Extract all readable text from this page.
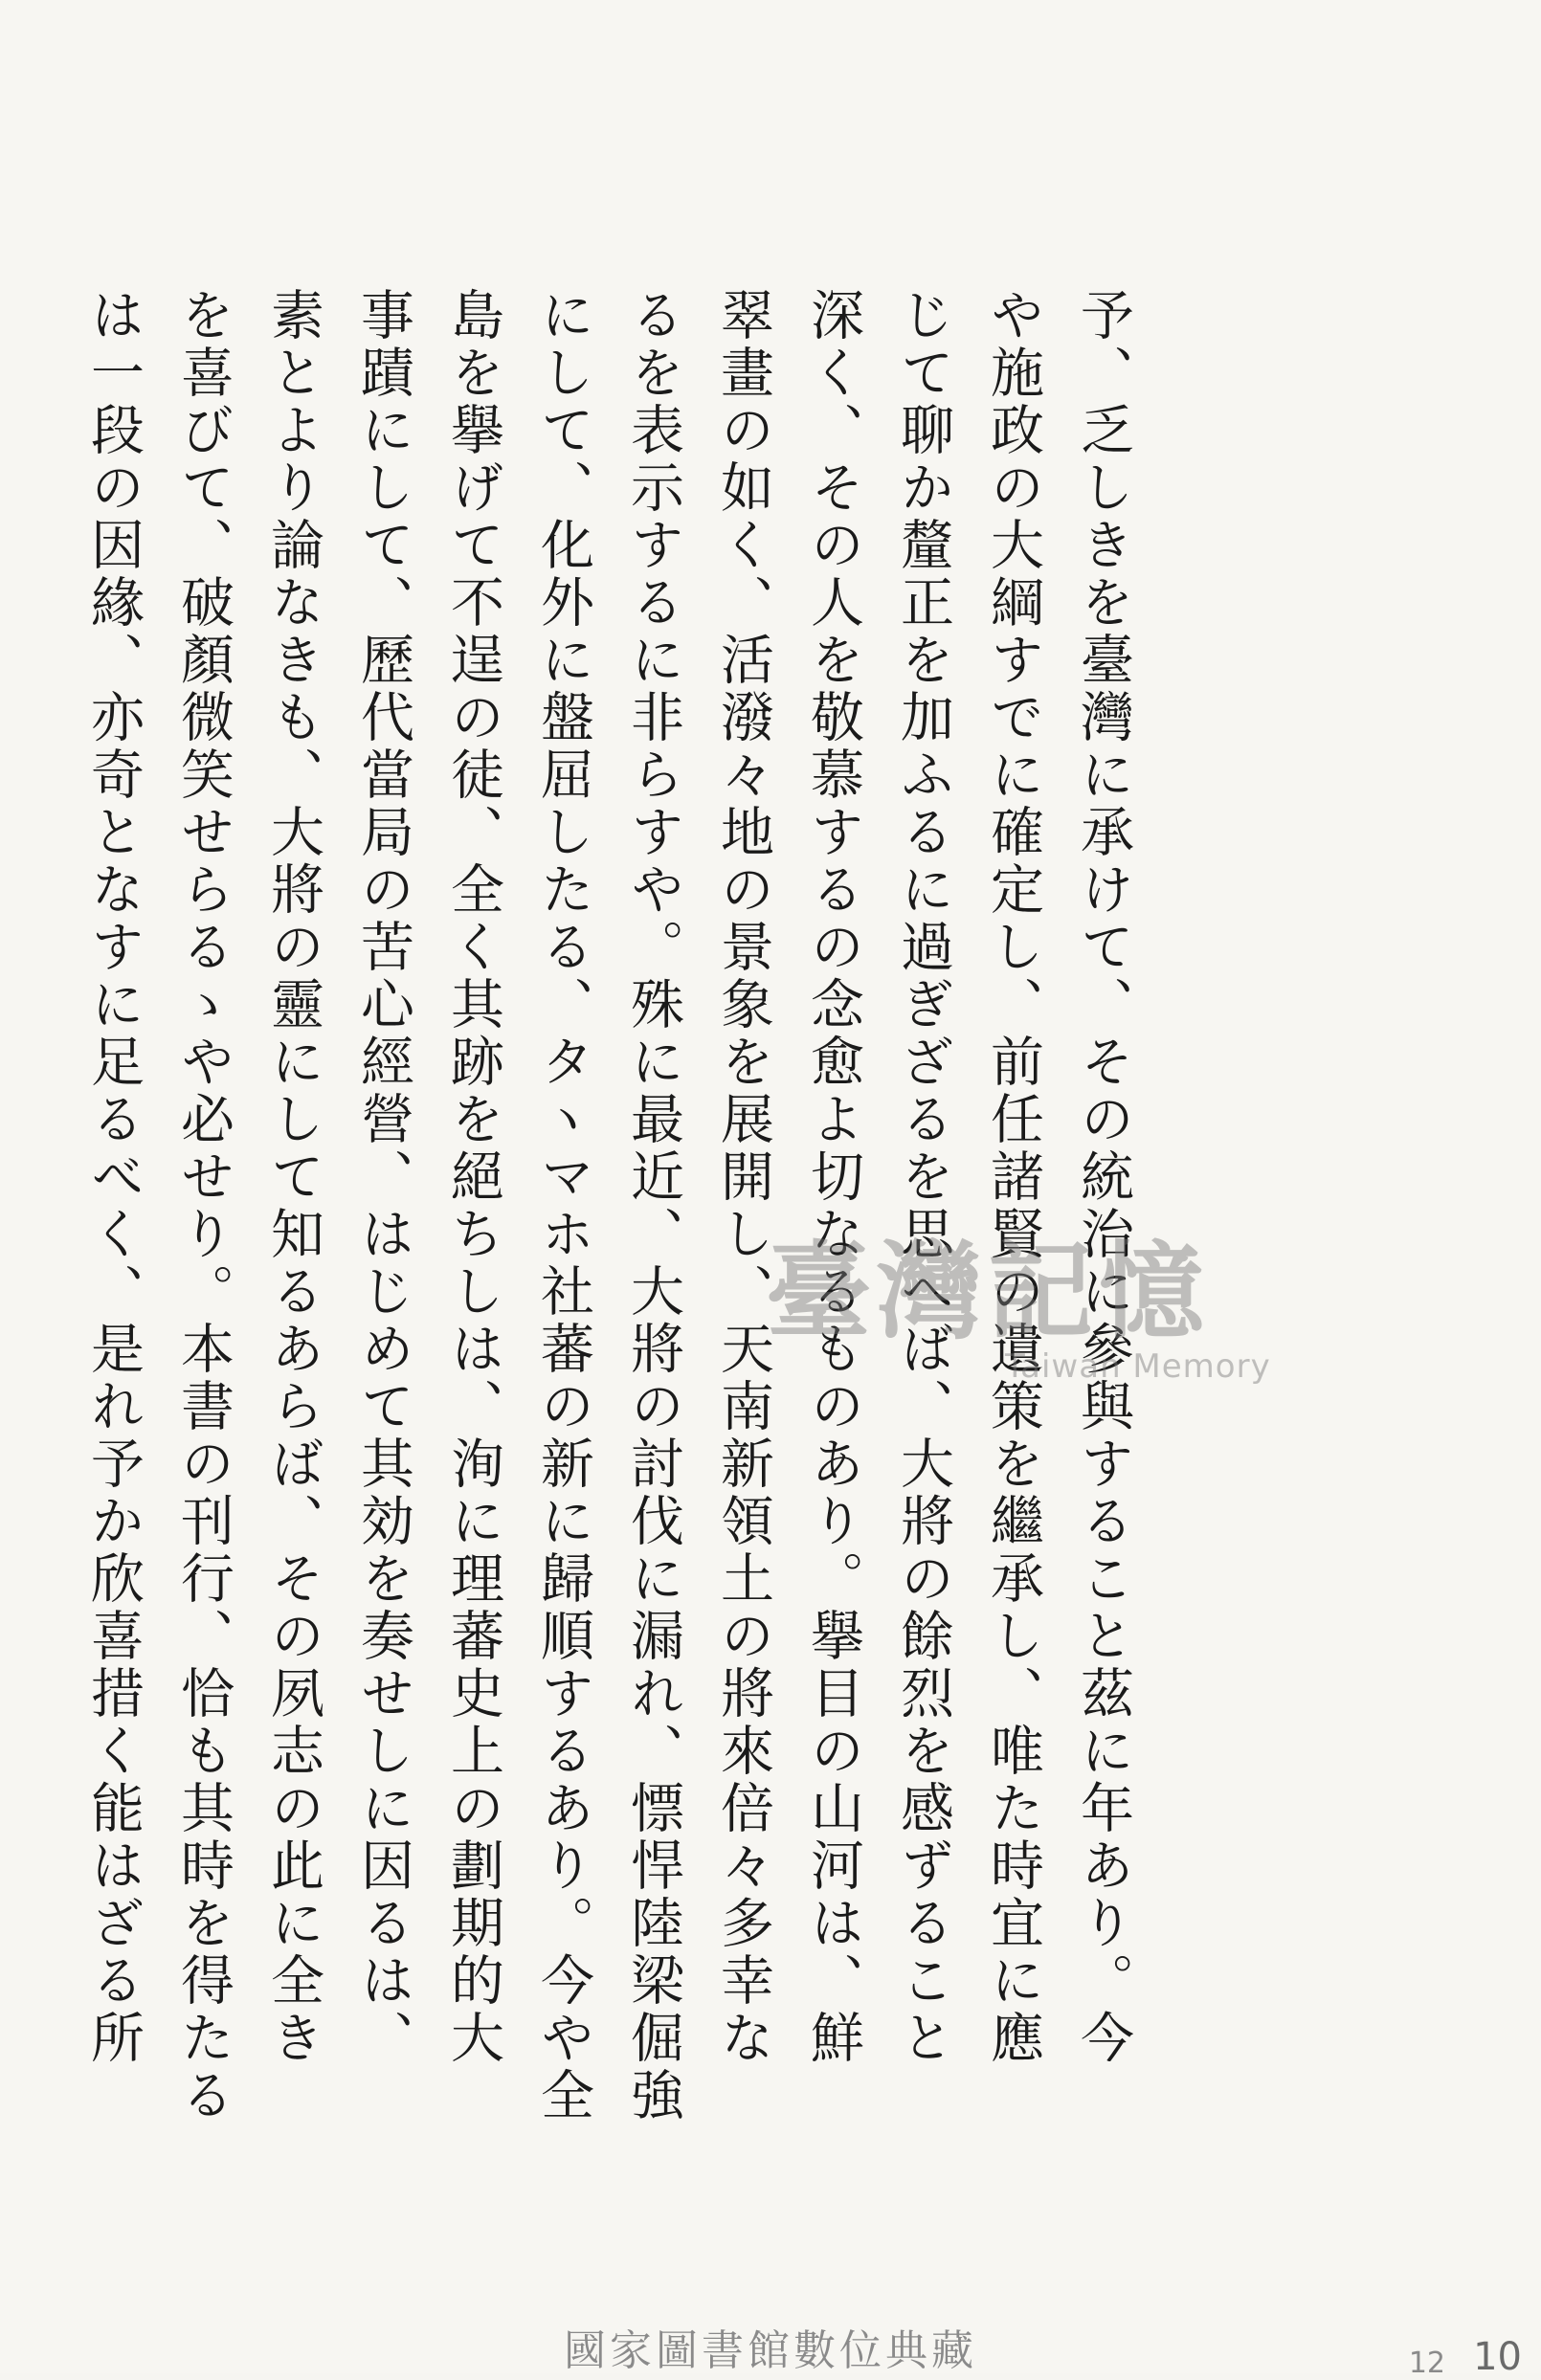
予、乏しきを臺灣に承けて、その統治に參與すること茲に年あり。今
や施政の大綱すでに確定し、前任諸賢の遺策を繼承し、唯た時宜に應
じて聊か釐正を加ふるに過ぎざるを思へば、大將の餘烈を感ずること
深く、その人を敬慕するの念愈よ切なるものあり。擧目の山河は、鮮
翠畫の如く、活潑々地の景象を展開し、天南新領土の將來倍々多幸な
るを表示するに非らすや。殊に最近、大將の討伐に漏れ、慓悍陸梁倔強
にして、化外に盤屈したる、タヽマホ社蕃の新に歸順するあり。今や全
島を擧げて不逞の徒、全く其跡を絕ちしは、洵に理蕃史上の劃期的大
事蹟にして、歷代當局の苦心經營、はじめて其効を奏せしに因るは、
素とより論なきも、大將の靈にして知るあらば、その夙志の此に全き
を喜びて、破顏微笑せらるゝや必せり。本書の刊行、恰も其時を得たる
は一段の因緣、亦奇となすに足るべく、是れ予か欣喜措く能はざる所	臺灣記憶
Taiwan Memory
國家圖書館數位典藏	12 10
